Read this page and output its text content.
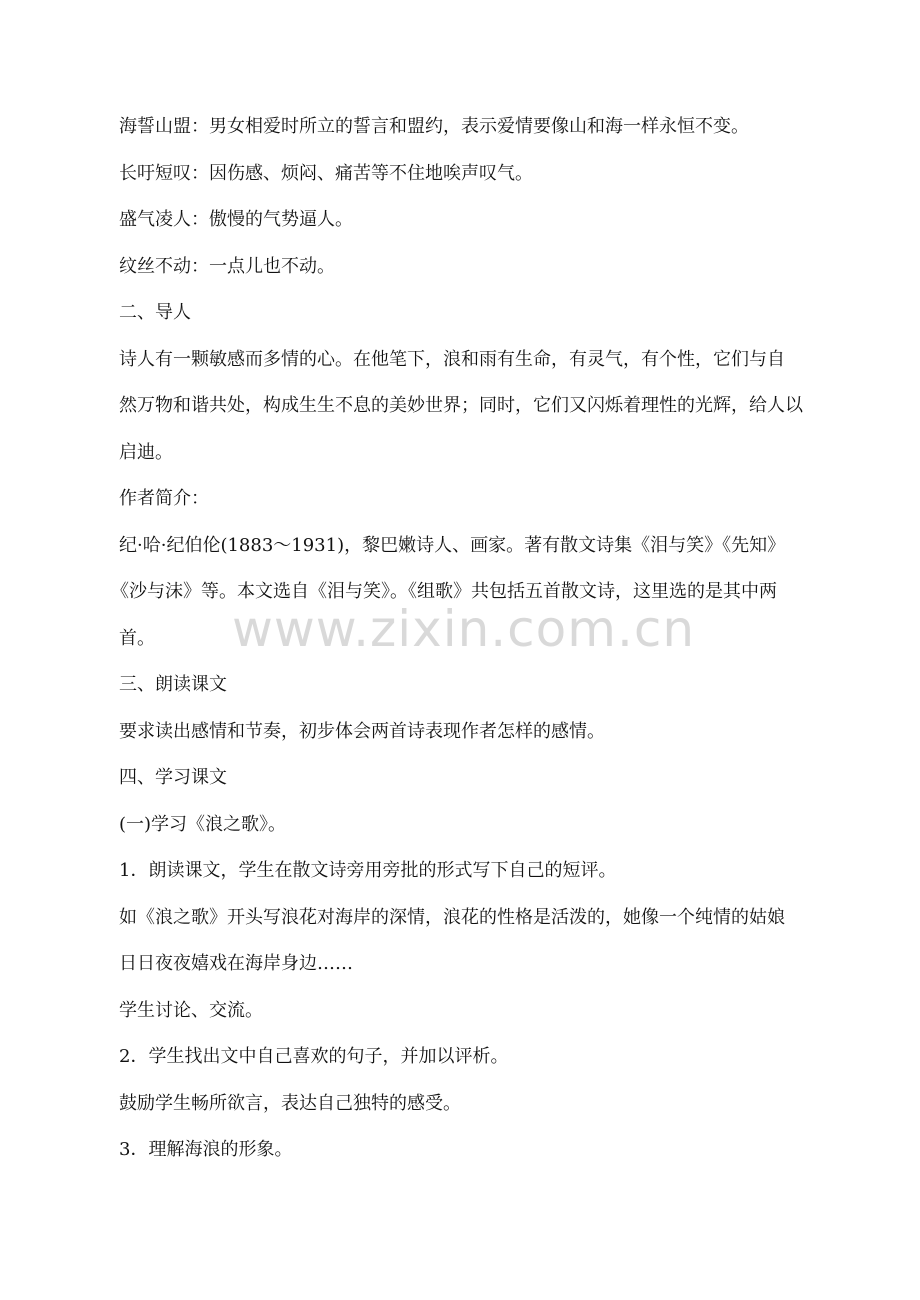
www.zixin.com.cn

海誓山盟：男女相爱时所立的誓言和盟约，表示爱情要像山和海一样永恒不变。

长吁短叹：因伤感、烦闷、痛苦等不住地唉声叹气。

盛气凌人：傲慢的气势逼人。

纹丝不动：一点儿也不动。

二、导人

诗人有一颗敏感而多情的心。在他笔下，浪和雨有生命，有灵气，有个性，它们与自
然万物和谐共处，构成生生不息的美妙世界；同时，它们又闪烁着理性的光辉，给人以
启迪。

作者简介：

纪·哈·纪伯伦(1883～1931)，黎巴嫩诗人、画家。著有散文诗集《泪与笑》《先知》
《沙与沫》等。本文选自《泪与笑》。《组歌》共包括五首散文诗，这里选的是其中两
首。

三、朗读课文

要求读出感情和节奏，初步体会两首诗表现作者怎样的感情。

四、学习课文

(一)学习《浪之歌》。

1．朗读课文，学生在散文诗旁用旁批的形式写下自己的短评。

如《浪之歌》开头写浪花对海岸的深情，浪花的性格是活泼的，她像一个纯情的姑娘
日日夜夜嬉戏在海岸身边……

学生讨论、交流。

2．学生找出文中自己喜欢的句子，并加以评析。

鼓励学生畅所欲言，表达自己独特的感受。

3．理解海浪的形象。
